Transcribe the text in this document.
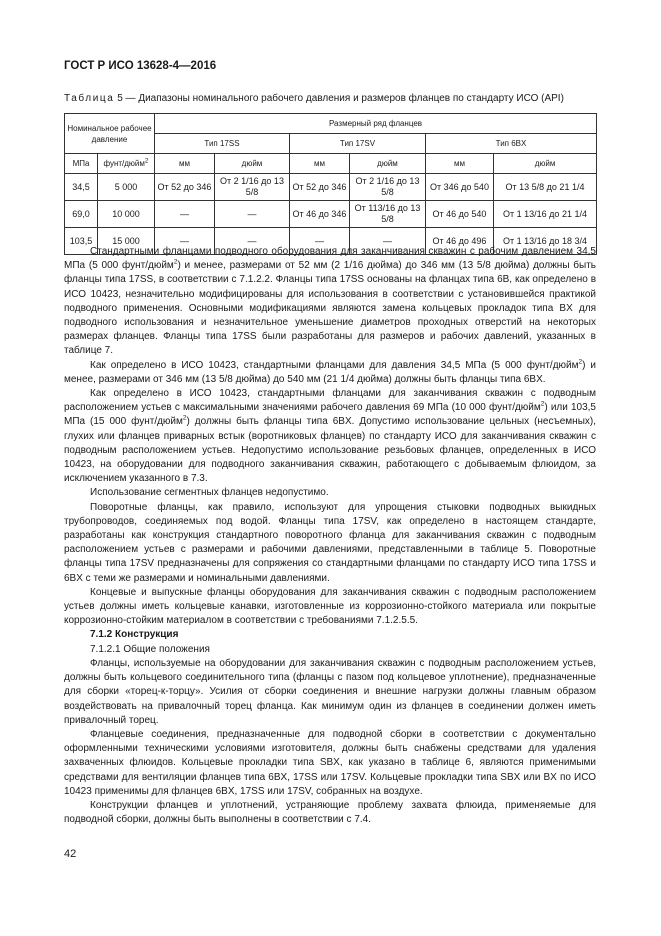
ГОСТ Р ИСО 13628-4—2016
Таблица 5 — Диапазоны номинального рабочего давления и размеров фланцев по стандарту ИСО (API)
Номинальное рабочее давление		Размерный ряд фланцев					
		Тип 17SS		Тип 17SV		Тип 6BX	
МПа	фунт/дюйм$^2$	мм	дюйм	мм	дюйм	мм	дюйм
34,5	5 000	От 52 до 346	От 2 1/16 до 13 5/8	От 52 до 346	От 2 1/16 до 13 5/8	От 346 до 540	От 13 5/8 до 21 1/4
69,0	10 000	—	—	От 46 до 346	От 113/16 до 13 5/8	От 46 до 540	От 1 13/16 до 21 1/4
103,5	15 000	—	—	—	—	От 46 до 496	От 1 13/16 до 18 3/4

Стандартными фланцами подводного оборудования для заканчивания скважин с рабочим давлением 34,5 МПа (5 000 фунт/дюйм$^2$) и менее, размерами от 52 мм (2 1/16 дюйма) до 346 мм (13 5/8 дюйма) должны быть фланцы типа 17SS, в соответствии с 7.1.2.2. Фланцы типа 17SS основаны на фланцах типа 6B, как определено в ИСО 10423, незначительно модифицированы для использования в соответствии с установившейся практикой подводного применения. Основными модификациями являются замена кольцевых прокладок типа BX для подводного использования и незначительное уменьшение диаметров проходных отверстий на некоторых размерах фланцев. Фланцы типа 17SS были разработаны для размеров и рабочих давлений, указанных в таблице 7.

Как определено в ИСО 10423, стандартными фланцами для давления 34,5 МПа (5 000 фунт/дюйм$^2$) и менее, размерами от 346 мм (13 5/8 дюйма) до 540 мм (21 1/4 дюйма) должны быть фланцы типа 6BX.

Как определено в ИСО 10423, стандартными фланцами для заканчивания скважин с подводным расположением устьев с максимальными значениями рабочего давления 69 МПа (10 000 фунт/дюйм$^2$) или 103,5 МПа (15 000 фунт/дюйм$^2$) должны быть фланцы типа 6BX. Допустимо использование цельных (несъемных), глухих или фланцев приварных встык (воротниковых фланцев) по стандарту ИСО для заканчивания скважин с подводным расположением устьев. Недопустимо использование резьбовых фланцев, определенных в ИСО 10423, на оборудовании для подводного заканчивания скважин, работающего с добываемым флюидом, за исключением указанного в 7.3.

Использование сегментных фланцев недопустимо.

Поворотные фланцы, как правило, используют для упрощения стыковки подводных выкидных трубопроводов, соединяемых под водой. Фланцы типа 17SV, как определено в настоящем стандарте, разработаны как конструкция стандартного поворотного фланца для заканчивания скважин с подводным расположением устьев с размерами и рабочими давлениями, представленными в таблице 5. Поворотные фланцы типа 17SV предназначены для сопряжения со стандартными фланцами по стандарту ИСО типа 17SS и 6BX с теми же размерами и номинальными давлениями.

Концевые и выпускные фланцы оборудования для заканчивания скважин с подводным расположением устьев должны иметь кольцевые канавки, изготовленные из коррозионно-стойкого материала или покрытые коррозионно-стойким материалом в соответствии с требованиями 7.1.2.5.5.

7.1.2 Конструкция

7.1.2.1 Общие положения

Фланцы, используемые на оборудовании для заканчивания скважин с подводным расположением устьев, должны быть кольцевого соединительного типа (фланцы с пазом под кольцевое уплотнение), предназначенные для сборки «торец-к-торцу». Усилия от сборки соединения и внешние нагрузки должны главным образом воздействовать на привалочный торец фланца. Как минимум один из фланцев в соединении должен иметь привалочный торец.

Фланцевые соединения, предназначенные для подводной сборки в соответствии с документально оформленными техническими условиями изготовителя, должны быть снабжены средствами для удаления захваченных флюидов. Кольцевые прокладки типа SBX, как указано в таблице 6, являются применимыми средствами для вентиляции фланцев типа 6BX, 17SS или 17SV. Кольцевые прокладки типа SBX или BX по ИСО 10423 применимы для фланцев 6BX, 17SS или 17SV, собранных на воздухе.

Конструкции фланцев и уплотнений, устраняющие проблему захвата флюида, применяемые для подводной сборки, должны быть выполнены в соответствии с 7.4.

42
